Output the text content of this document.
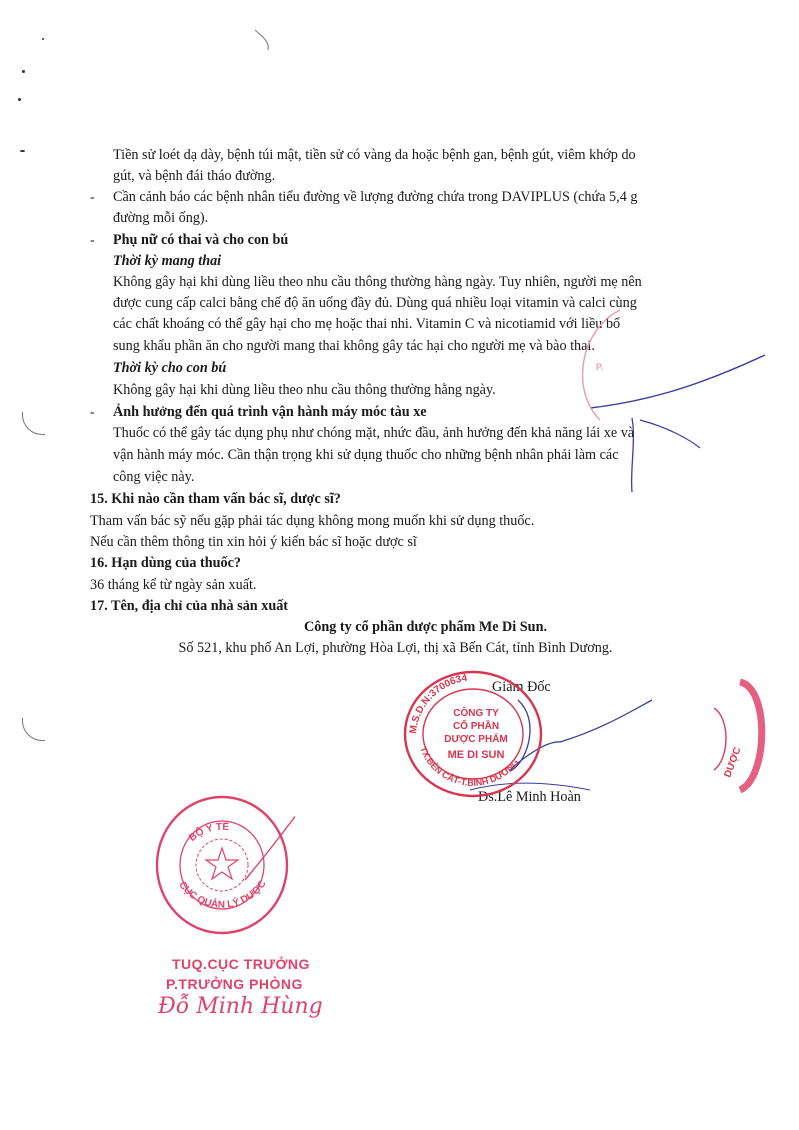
Tiền sử loét dạ dày, bệnh túi mật, tiền sử có vàng da hoặc bệnh gan, bệnh gút, viêm khớp do
gút, và bệnh đái tháo đường.
- Cần cảnh báo các bệnh nhân tiểu đường về lượng đường chứa trong DAVIPLUS (chứa 5,4 g
đường mỗi ống).
- Phụ nữ có thai và cho con bú
Thời kỳ mang thai
Không gây hại khi dùng liều theo nhu cầu thông thường hàng ngày. Tuy nhiên, người mẹ nên
được cung cấp calci bằng chế độ ăn uống đầy đủ. Dùng quá nhiều loại vitamin và calci cùng
các chất khoáng có thể gây hại cho mẹ hoặc thai nhi. Vitamin C và nicotiamid với liều bổ
sung khẩu phần ăn cho người mang thai không gây tác hại cho người mẹ và bào thai.
Thời kỳ cho con bú
Không gây hại khi dùng liều theo nhu cầu thông thường hằng ngày.
- Ảnh hưởng đến quá trình vận hành máy móc tàu xe
Thuốc có thể gây tác dụng phụ như chóng mặt, nhức đầu, ảnh hưởng đến khả năng lái xe và
vận hành máy móc. Cần thận trọng khi sử dụng thuốc cho những bệnh nhân phải làm các
công việc này.
15. Khi nào cần tham vấn bác sĩ, dược sĩ?
Tham vấn bác sỹ nếu gặp phải tác dụng không mong muốn khi sử dụng thuốc.
Nếu cần thêm thông tin xin hỏi ý kiến bác sĩ hoặc dược sĩ
16. Hạn dùng của thuốc?
36 tháng kể từ ngày sản xuất.
17. Tên, địa chỉ của nhà sản xuất
Công ty cổ phần dược phẩm Me Di Sun.
Số 521, khu phố An Lợi, phường Hòa Lợi, thị xã Bến Cát, tỉnh Bình Dương.
Giám Đốc
Ds.Lê Minh Hoàn
P.
M.S.D.N:3700634
TX.BẾN CÁT-T.BÌNH DƯƠNG
CÔNG TY
CỔ PHẦN
DƯỢC PHẨM
ME DI SUN	DƯỢC
BỘ Y TẾ
CỤC QUẢN LÝ DƯỢC
TUQ.CỤC TRƯỞNG
P.TRƯỞNG PHÒNG
Đỗ Minh Hùng
